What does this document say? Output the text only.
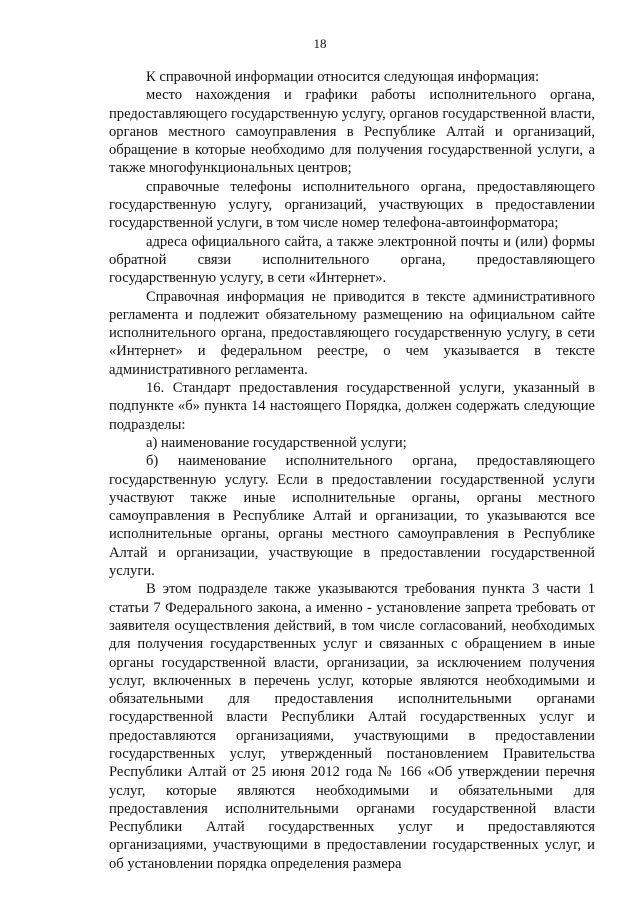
18

К справочной информации относится следующая информация:

место нахождения и графики работы исполнительного органа, предоставляющего государственную услугу, органов государственной власти, органов местного самоуправления в Республике Алтай и организаций, обращение в которые необходимо для получения государственной услуги, а также многофункциональных центров;

справочные телефоны исполнительного органа, предоставляющего государственную услугу, организаций, участвующих в предоставлении государственной услуги, в том числе номер телефона-автоинформатора;

адреса официального сайта, а также электронной почты и (или) формы обратной связи исполнительного органа, предоставляющего государственную услугу, в сети «Интернет».

Справочная информация не приводится в тексте административного регламента и подлежит обязательному размещению на официальном сайте исполнительного органа, предоставляющего государственную услугу, в сети «Интернет» и федеральном реестре, о чем указывается в тексте административного регламента.

16. Стандарт предоставления государственной услуги, указанный в подпункте «б» пункта 14 настоящего Порядка, должен содержать следующие подразделы:

а) наименование государственной услуги;

б) наименование исполнительного органа, предоставляющего государственную услугу. Если в предоставлении государственной услуги участвуют также иные исполнительные органы, органы местного самоуправления в Республике Алтай и организации, то указываются все исполнительные органы, органы местного самоуправления в Республике Алтай и организации, участвующие в предоставлении государственной услуги.

В этом подразделе также указываются требования пункта 3 части 1 статьи 7 Федерального закона, а именно - установление запрета требовать от заявителя осуществления действий, в том числе согласований, необходимых для получения государственных услуг и связанных с обращением в иные органы государственной власти, организации, за исключением получения услуг, включенных в перечень услуг, которые являются необходимыми и обязательными для предоставления исполнительными органами государственной власти Республики Алтай государственных услуг и предоставляются организациями, участвующими в предоставлении государственных услуг, утвержденный постановлением Правительства Республики Алтай от 25 июня 2012 года № 166 «Об утверждении перечня услуг, которые являются необходимыми и обязательными для предоставления исполнительными органами государственной власти Республики Алтай государственных услуг и предоставляются организациями, участвующими в предоставлении государственных услуг, и об установлении порядка определения размера
